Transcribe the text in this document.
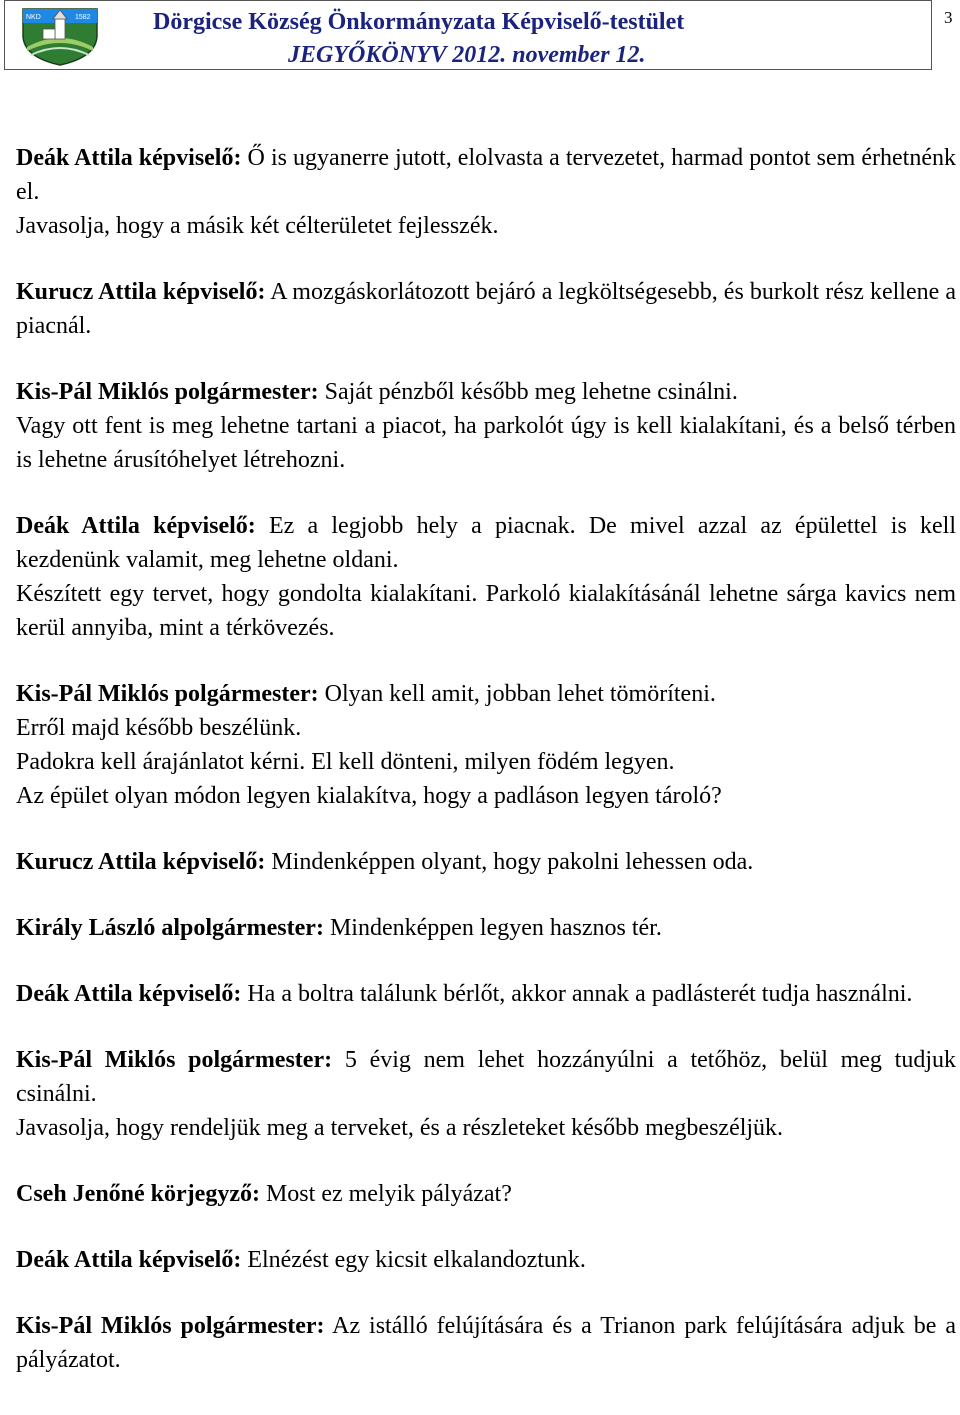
NKD	1582	Dörgicse Község Önkormányzata Képviselő-testület
JEGYŐKÖNYV 2012. november 12.
3
Deák Attila képviselő: Ő is ugyanerre jutott, elolvasta a tervezetet, harmad pontot sem érhetnénk el.
Javasolja, hogy a másik két célterületet fejlesszék.
Kurucz Attila képviselő: A mozgáskorlátozott bejáró a legköltségesebb, és burkolt rész kellene a piacnál.
Kis-Pál Miklós polgármester: Saját pénzből később meg lehetne csinálni.
Vagy ott fent is meg lehetne tartani a piacot, ha parkolót úgy is kell kialakítani, és a belső térben is lehetne árusítóhelyet létrehozni.
Deák Attila képviselő: Ez a legjobb hely a piacnak. De mivel azzal az épülettel is kell kezdenünk valamit, meg lehetne oldani.
Készített egy tervet, hogy gondolta kialakítani. Parkoló kialakításánál lehetne sárga kavics nem kerül annyiba, mint a térkövezés.
Kis-Pál Miklós polgármester: Olyan kell amit, jobban lehet tömöríteni.
Erről majd később beszélünk.
Padokra kell árajánlatot kérni. El kell dönteni, milyen födém legyen.
Az épület olyan módon legyen kialakítva, hogy a padláson legyen tároló?
Kurucz Attila képviselő: Mindenképpen olyant, hogy pakolni lehessen oda.
Király László alpolgármester: Mindenképpen legyen hasznos tér.
Deák Attila képviselő: Ha a boltra találunk bérlőt, akkor annak a padlásterét tudja használni.
Kis-Pál Miklós polgármester: 5 évig nem lehet hozzányúlni a tetőhöz, belül meg tudjuk csinálni.
Javasolja, hogy rendeljük meg a terveket, és a részleteket később megbeszéljük.
Cseh Jenőné körjegyző: Most ez melyik pályázat?
Deák Attila képviselő: Elnézést egy kicsit elkalandoztunk.
Kis-Pál Miklós polgármester: Az istálló felújítására és a Trianon park felújítására adjuk be a pályázatot.
